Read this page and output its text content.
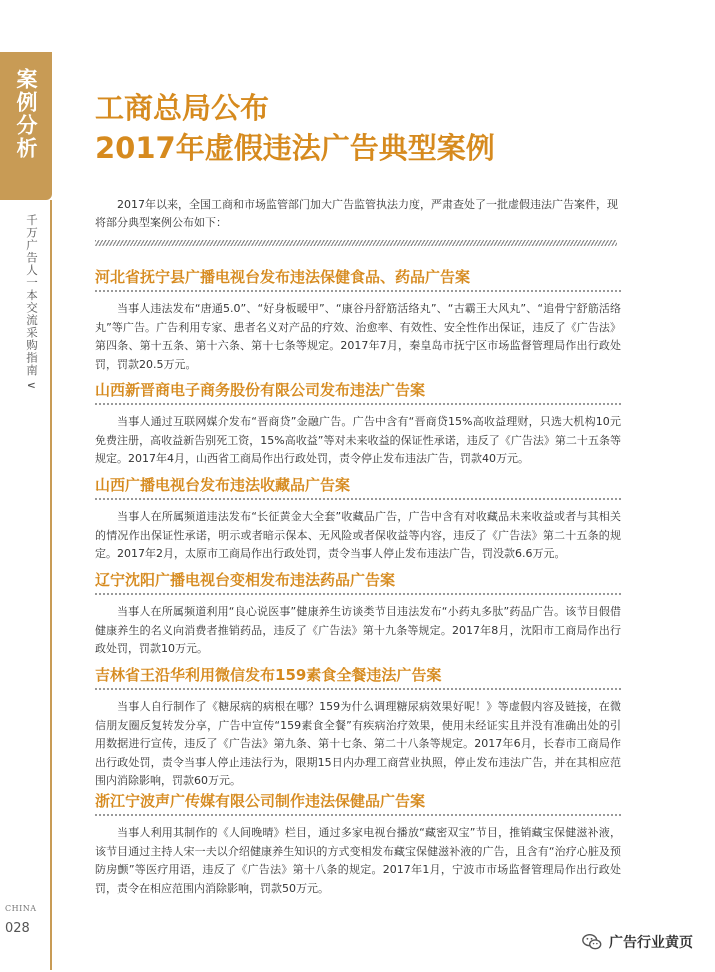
案例分析
千万广告人一本交流采购指南 ∨
工商总局公布
2017年虚假违法广告典型案例

2017年以来，全国工商和市场监管部门加大广告监管执法力度，严肃查处了一批虚假违法广告案件，现将部分典型案例公布如下：

河北省抚宁县广播电视台发布违法保健食品、药品广告案

当事人违法发布“唐通5.0”、“好身板暖甲”、“康谷丹舒筋活络丸”、“古霸王大风丸”、“追骨宁舒筋活络丸”等广告。广告利用专家、患者名义对产品的疗效、治愈率、有效性、安全性作出保证，违反了《广告法》第四条、第十五条、第十六条、第十七条等规定。2017年7月，秦皇岛市抚宁区市场监督管理局作出行政处罚，罚款20.5万元。

山西新晋商电子商务股份有限公司发布违法广告案

当事人通过互联网媒介发布“晋商贷”金融广告。广告中含有“晋商贷15%高收益理财，只选大机构10元免费注册，高收益新告别死工资，15%高收益”等对未来收益的保证性承诺，违反了《广告法》第二十五条等规定。2017年4月，山西省工商局作出行政处罚，责令停止发布违法广告，罚款40万元。

山西广播电视台发布违法收藏品广告案

当事人在所属频道违法发布“长征黄金大全套”收藏品广告，广告中含有对收藏品未来收益或者与其相关的情况作出保证性承诺，明示或者暗示保本、无风险或者保收益等内容，违反了《广告法》第二十五条的规定。2017年2月，太原市工商局作出行政处罚，责令当事人停止发布违法广告，罚没款6.6万元。

辽宁沈阳广播电视台变相发布违法药品广告案

当事人在所属频道利用“良心说医事”健康养生访谈类节目违法发布“小药丸多肽”药品广告。该节目假借健康养生的名义向消费者推销药品，违反了《广告法》第十九条等规定。2017年8月，沈阳市工商局作出行政处罚，罚款10万元。

吉林省王沿华利用微信发布159素食全餐违法广告案

当事人自行制作了《糖尿病的病根在哪？159为什么调理糖尿病效果好呢！》等虚假内容及链接，在微信朋友圈反复转发分享，广告中宣传“159素食全餐”有疾病治疗效果，使用未经证实且并没有准确出处的引用数据进行宣传，违反了《广告法》第九条、第十七条、第二十八条等规定。2017年6月，长春市工商局作出行政处罚，责令当事人停止违法行为，限期15日内办理工商营业执照，停止发布违法广告，并在其相应范围内消除影响，罚款60万元。

浙江宁波声广传媒有限公司制作违法保健品广告案

当事人利用其制作的《人间晚晴》栏目，通过多家电视台播放“藏密双宝”节目，推销藏宝保健滋补液，该节目通过主持人宋一夫以介绍健康养生知识的方式变相发布藏宝保健滋补液的广告，且含有“治疗心脏及预防房颤”等医疗用语，违反了《广告法》第十八条的规定。2017年1月，宁波市市场监督管理局作出行政处罚，责令在相应范围内消除影响，罚款50万元。

CHINA
028
广告行业黄页
